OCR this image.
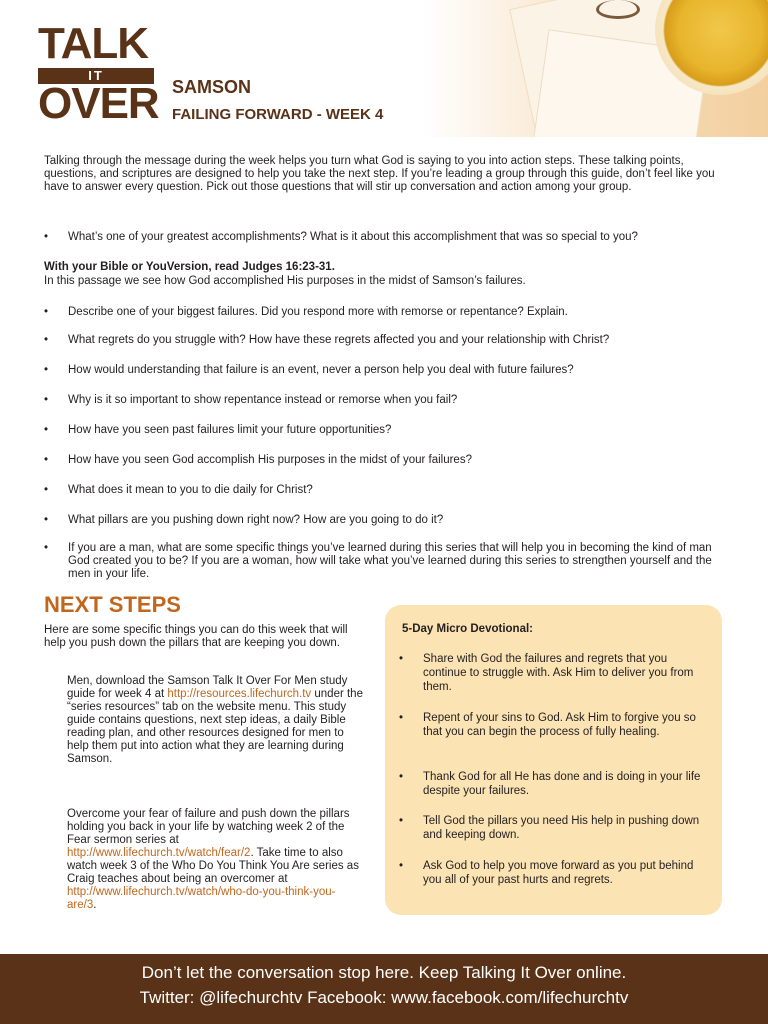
TALK
IT
OVER SAMSON
FAILING FORWARD - WEEK 4

Talking through the message during the week helps you turn what God is saying to you into action steps. These talking points, questions, and scriptures are designed to help you take the next step. If you’re leading a group through this guide, don’t feel like you have to answer every question. Pick out those questions that will stir up conversation and action among your group.

• What’s one of your greatest accomplishments? What is it about this accomplishment that was so special to you?

With your Bible or YouVersion, read Judges 16:23-31.

In this passage we see how God accomplished His purposes in the midst of Samson’s failures.

• Describe one of your biggest failures. Did you respond more with remorse or repentance? Explain.
• What regrets do you struggle with? How have these regrets affected you and your relationship with Christ?
• How would understanding that failure is an event, never a person help you deal with future failures?
• Why is it so important to show repentance instead or remorse when you fail?
• How have you seen past failures limit your future opportunities?
• How have you seen God accomplish His purposes in the midst of your failures?
• What does it mean to you to die daily for Christ?
• What pillars are you pushing down right now? How are you going to do it?
• If you are a man, what are some specific things you’ve learned during this series that will help you in becoming the kind of man God created you to be? If you are a woman, how will take what you’ve learned during this series to strengthen yourself and the men in your life.
NEXT STEPS

Here are some specific things you can do this week that will help you push down the pillars that are keeping you down.

Men, download the Samson Talk It Over For Men study guide for week 4 at http://resources.lifechurch.tv under the “series resources” tab on the website menu. This study guide contains questions, next step ideas, a daily Bible reading plan, and other resources designed for men to help them put into action what they are learning during Samson.

Overcome your fear of failure and push down the pillars holding you back in your life by watching week 2 of the Fear sermon series at http://www.lifechurch.tv/watch/fear/2. Take time to also watch week 3 of the Who Do You Think You Are series as Craig teaches about being an overcomer at http://www.lifechurch.tv/watch/who-do-you-think-you-are/3.

5-Day Micro Devotional:
• Share with God the failures and regrets that you continue to struggle with. Ask Him to deliver you from them.
• Repent of your sins to God. Ask Him to forgive you so that you can begin the process of fully healing.
• Thank God for all He has done and is doing in your life despite your failures.
• Tell God the pillars you need His help in pushing down and keeping down.
• Ask God to help you move forward as you put behind you all of your past hurts and regrets.
Don’t let the conversation stop here. Keep Talking It Over online.
Twitter: @lifechurchtv Facebook: www.facebook.com/lifechurchtv
